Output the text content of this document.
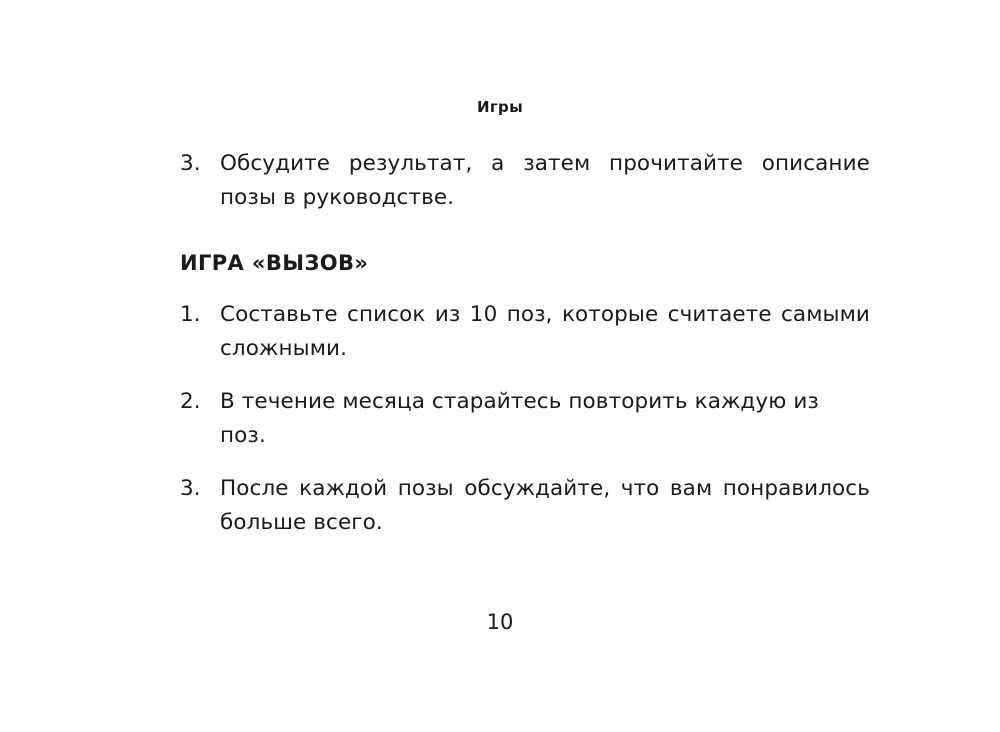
Игры
3. Обсудите результат, а затем прочитайте описание позы в руководстве.
ИГРА «ВЫЗОВ»
1. Составьте список из 10 поз, которые считаете самыми сложными.
2. В течение месяца старайтесь повторить каждую из поз.
3. После каждой позы обсуждайте, что вам понравилось больше всего.
10
